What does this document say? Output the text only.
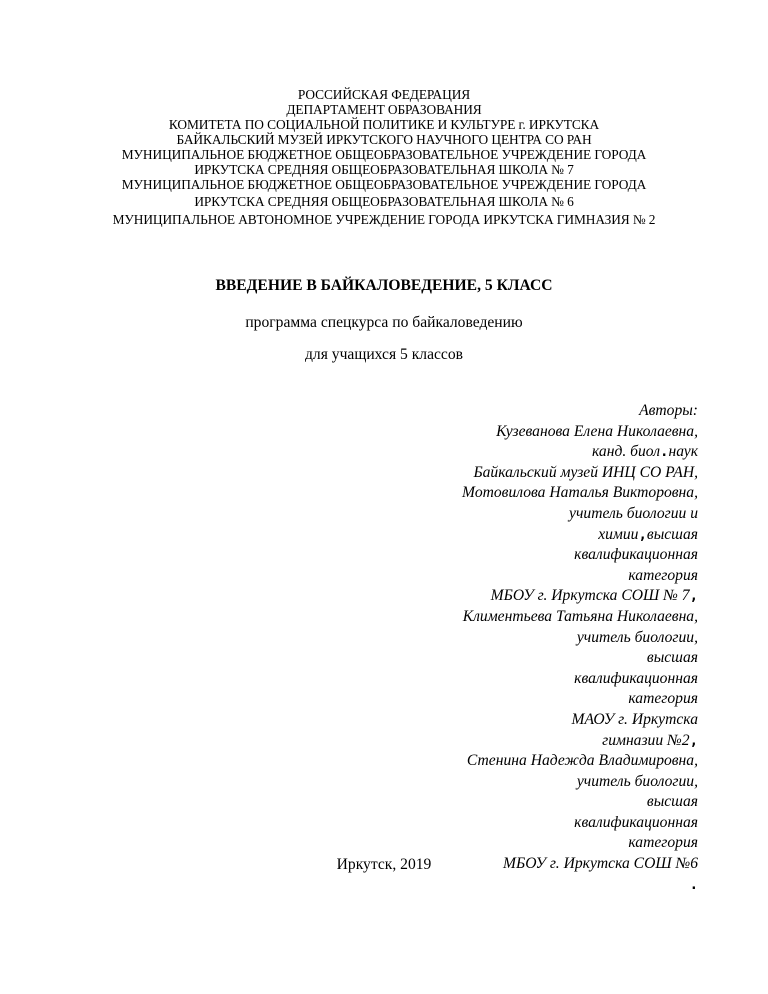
РОССИЙСКАЯ ФЕДЕРАЦИЯ
ДЕПАРТАМЕНТ ОБРАЗОВАНИЯ
КОМИТЕТА ПО СОЦИАЛЬНОЙ ПОЛИТИКЕ И КУЛЬТУРЕ г. ИРКУТСКА
БАЙКАЛЬСКИЙ МУЗЕЙ ИРКУТСКОГО НАУЧНОГО ЦЕНТРА СО РАН
МУНИЦИПАЛЬНОЕ БЮДЖЕТНОЕ ОБЩЕОБРАЗОВАТЕЛЬНОЕ УЧРЕЖДЕНИЕ ГОРОДА
ИРКУТСКА СРЕДНЯЯ ОБЩЕОБРАЗОВАТЕЛЬНАЯ ШКОЛА № 7
МУНИЦИПАЛЬНОЕ БЮДЖЕТНОЕ ОБЩЕОБРАЗОВАТЕЛЬНОЕ УЧРЕЖДЕНИЕ ГОРОДА
ИРКУТСКА СРЕДНЯЯ ОБЩЕОБРАЗОВАТЕЛЬНАЯ ШКОЛА № 6
МУНИЦИПАЛЬНОЕ АВТОНОМНОЕ УЧРЕЖДЕНИЕ ГОРОДА ИРКУТСКА ГИМНАЗИЯ № 2
ВВЕДЕНИЕ В БАЙКАЛОВЕДЕНИЕ, 5 КЛАСС
программа спецкурса по байкаловедению
для учащихся 5 классов
Авторы:
Кузеванова Елена Николаевна,
канд. биол.наук
Байкальский музей ИНЦ СО РАН,
Мотовилова Наталья Викторовна,
учитель биологии и
химии,высшая
квалификационная
категория
МБОУ г. Иркутска СОШ № 7,
Климентьева Татьяна Николаевна,
учитель биологии,
высшая
квалификационная
категория
МАОУ г. Иркутска
гимназии №2,
Стенина Надежда Владимировна,
учитель биологии,
высшая
квалификационная
категория
МБОУ г. Иркутска СОШ №6
.
Иркутск, 2019
